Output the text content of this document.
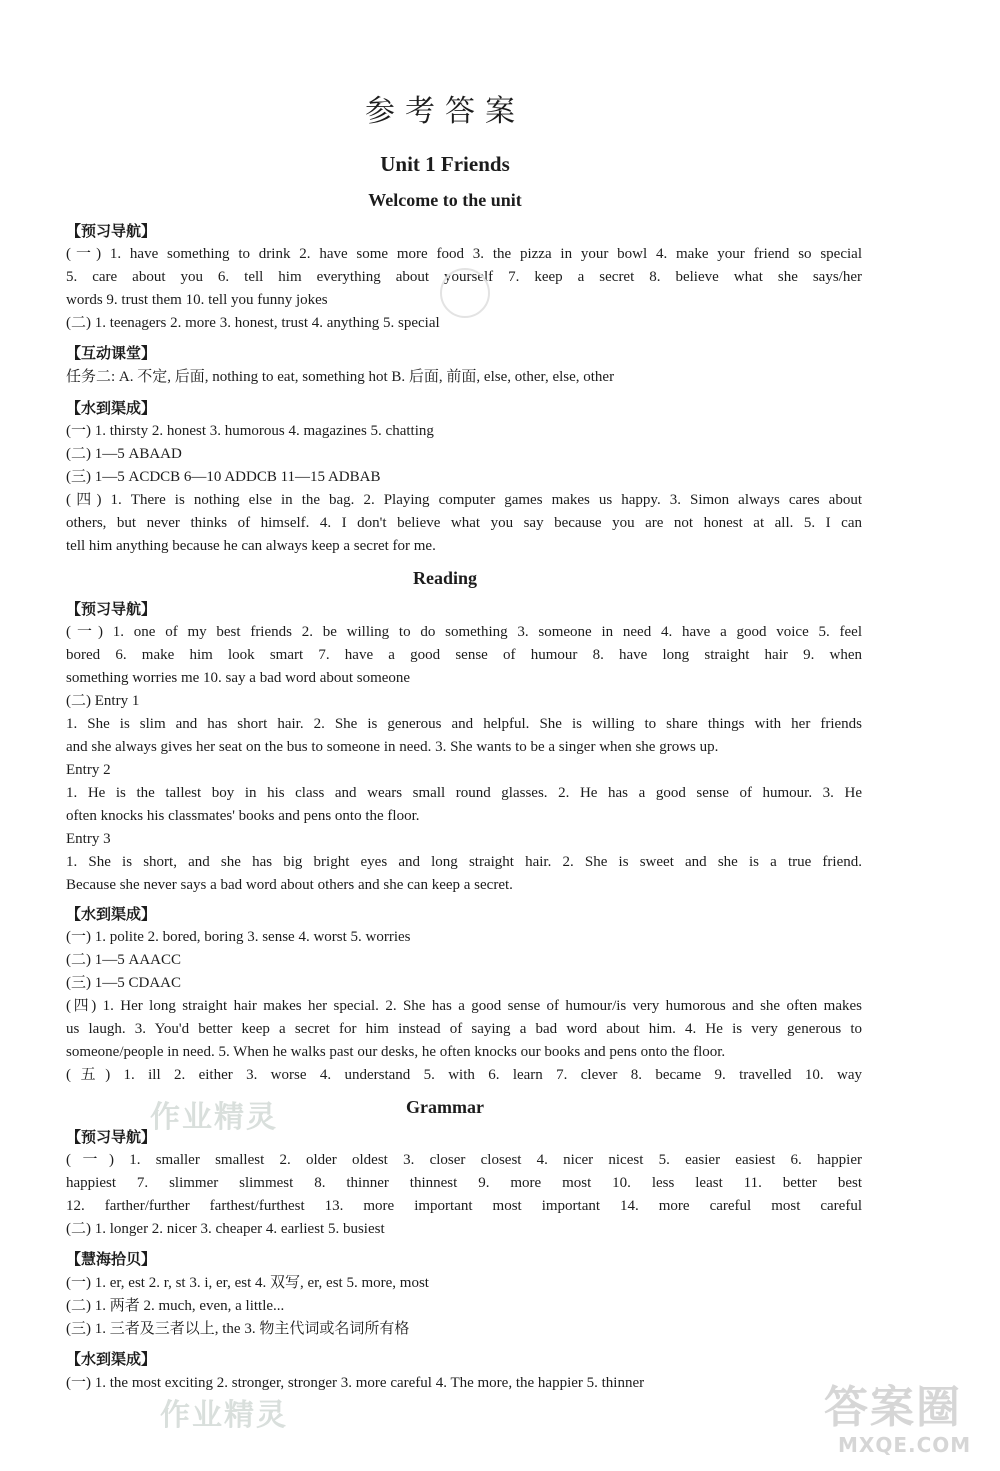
参考答案
Unit 1 Friends
Welcome to the unit
【预习导航】
(一) 1. have something to drink 2. have some more food 3. the pizza in your bowl 4. make your friend so special
5. care about you 6. tell him everything about yourself 7. keep a secret 8. believe what she says/her
words 9. trust them 10. tell you funny jokes
(二) 1. teenagers 2. more 3. honest, trust 4. anything 5. special
【互动课堂】
任务二: A. 不定, 后面, nothing to eat, something hot B. 后面, 前面, else, other, else, other
【水到渠成】
(一) 1. thirsty 2. honest 3. humorous 4. magazines 5. chatting
(二) 1—5 ABAAD
(三) 1—5 ACDCB 6—10 ADDCB 11—15 ADBAB
(四) 1. There is nothing else in the bag. 2. Playing computer games makes us happy. 3. Simon always cares about
others, but never thinks of himself. 4. I don't believe what you say because you are not honest at all. 5. I can
tell him anything because he can always keep a secret for me.
Reading
【预习导航】
(一) 1. one of my best friends 2. be willing to do something 3. someone in need 4. have a good voice 5. feel
bored 6. make him look smart 7. have a good sense of humour 8. have long straight hair 9. when
something worries me 10. say a bad word about someone
(二) Entry 1
1. She is slim and has short hair. 2. She is generous and helpful. She is willing to share things with her friends
and she always gives her seat on the bus to someone in need. 3. She wants to be a singer when she grows up.
Entry 2
1. He is the tallest boy in his class and wears small round glasses. 2. He has a good sense of humour. 3. He
often knocks his classmates' books and pens onto the floor.
Entry 3
1. She is short, and she has big bright eyes and long straight hair. 2. She is sweet and she is a true friend.
Because she never says a bad word about others and she can keep a secret.
【水到渠成】
(一) 1. polite 2. bored, boring 3. sense 4. worst 5. worries
(二) 1—5 AAACC
(三) 1—5 CDAAC
(四) 1. Her long straight hair makes her special. 2. She has a good sense of humour/is very humorous and she often makes
us laugh. 3. You'd better keep a secret for him instead of saying a bad word about him. 4. He is very generous to
someone/people in need. 5. When he walks past our desks, he often knocks our books and pens onto the floor.
(五) 1. ill 2. either 3. worse 4. understand 5. with 6. learn 7. clever 8. became 9. travelled 10. way
作业精灵	Grammar
【预习导航】
(一) 1. smaller smallest 2. older oldest 3. closer closest 4. nicer nicest 5. easier easiest 6. happier
happiest 7. slimmer slimmest 8. thinner thinnest 9. more most 10. less least 11. better best
12. farther/further farthest/furthest 13. more important most important 14. more careful most careful
(二) 1. longer 2. nicer 3. cheaper 4. earliest 5. busiest
【慧海拾贝】
(一) 1. er, est 2. r, st 3. i, er, est 4. 双写, er, est 5. more, most
(二) 1. 两者 2. much, even, a little...
(三) 1. 三者及三者以上, the 3. 物主代词或名词所有格
【水到渠成】
(一) 1. the most exciting 2. stronger, stronger 3. more careful 4. The more, the happier 5. thinner
作业精灵	答案圈
MXQE.COM
